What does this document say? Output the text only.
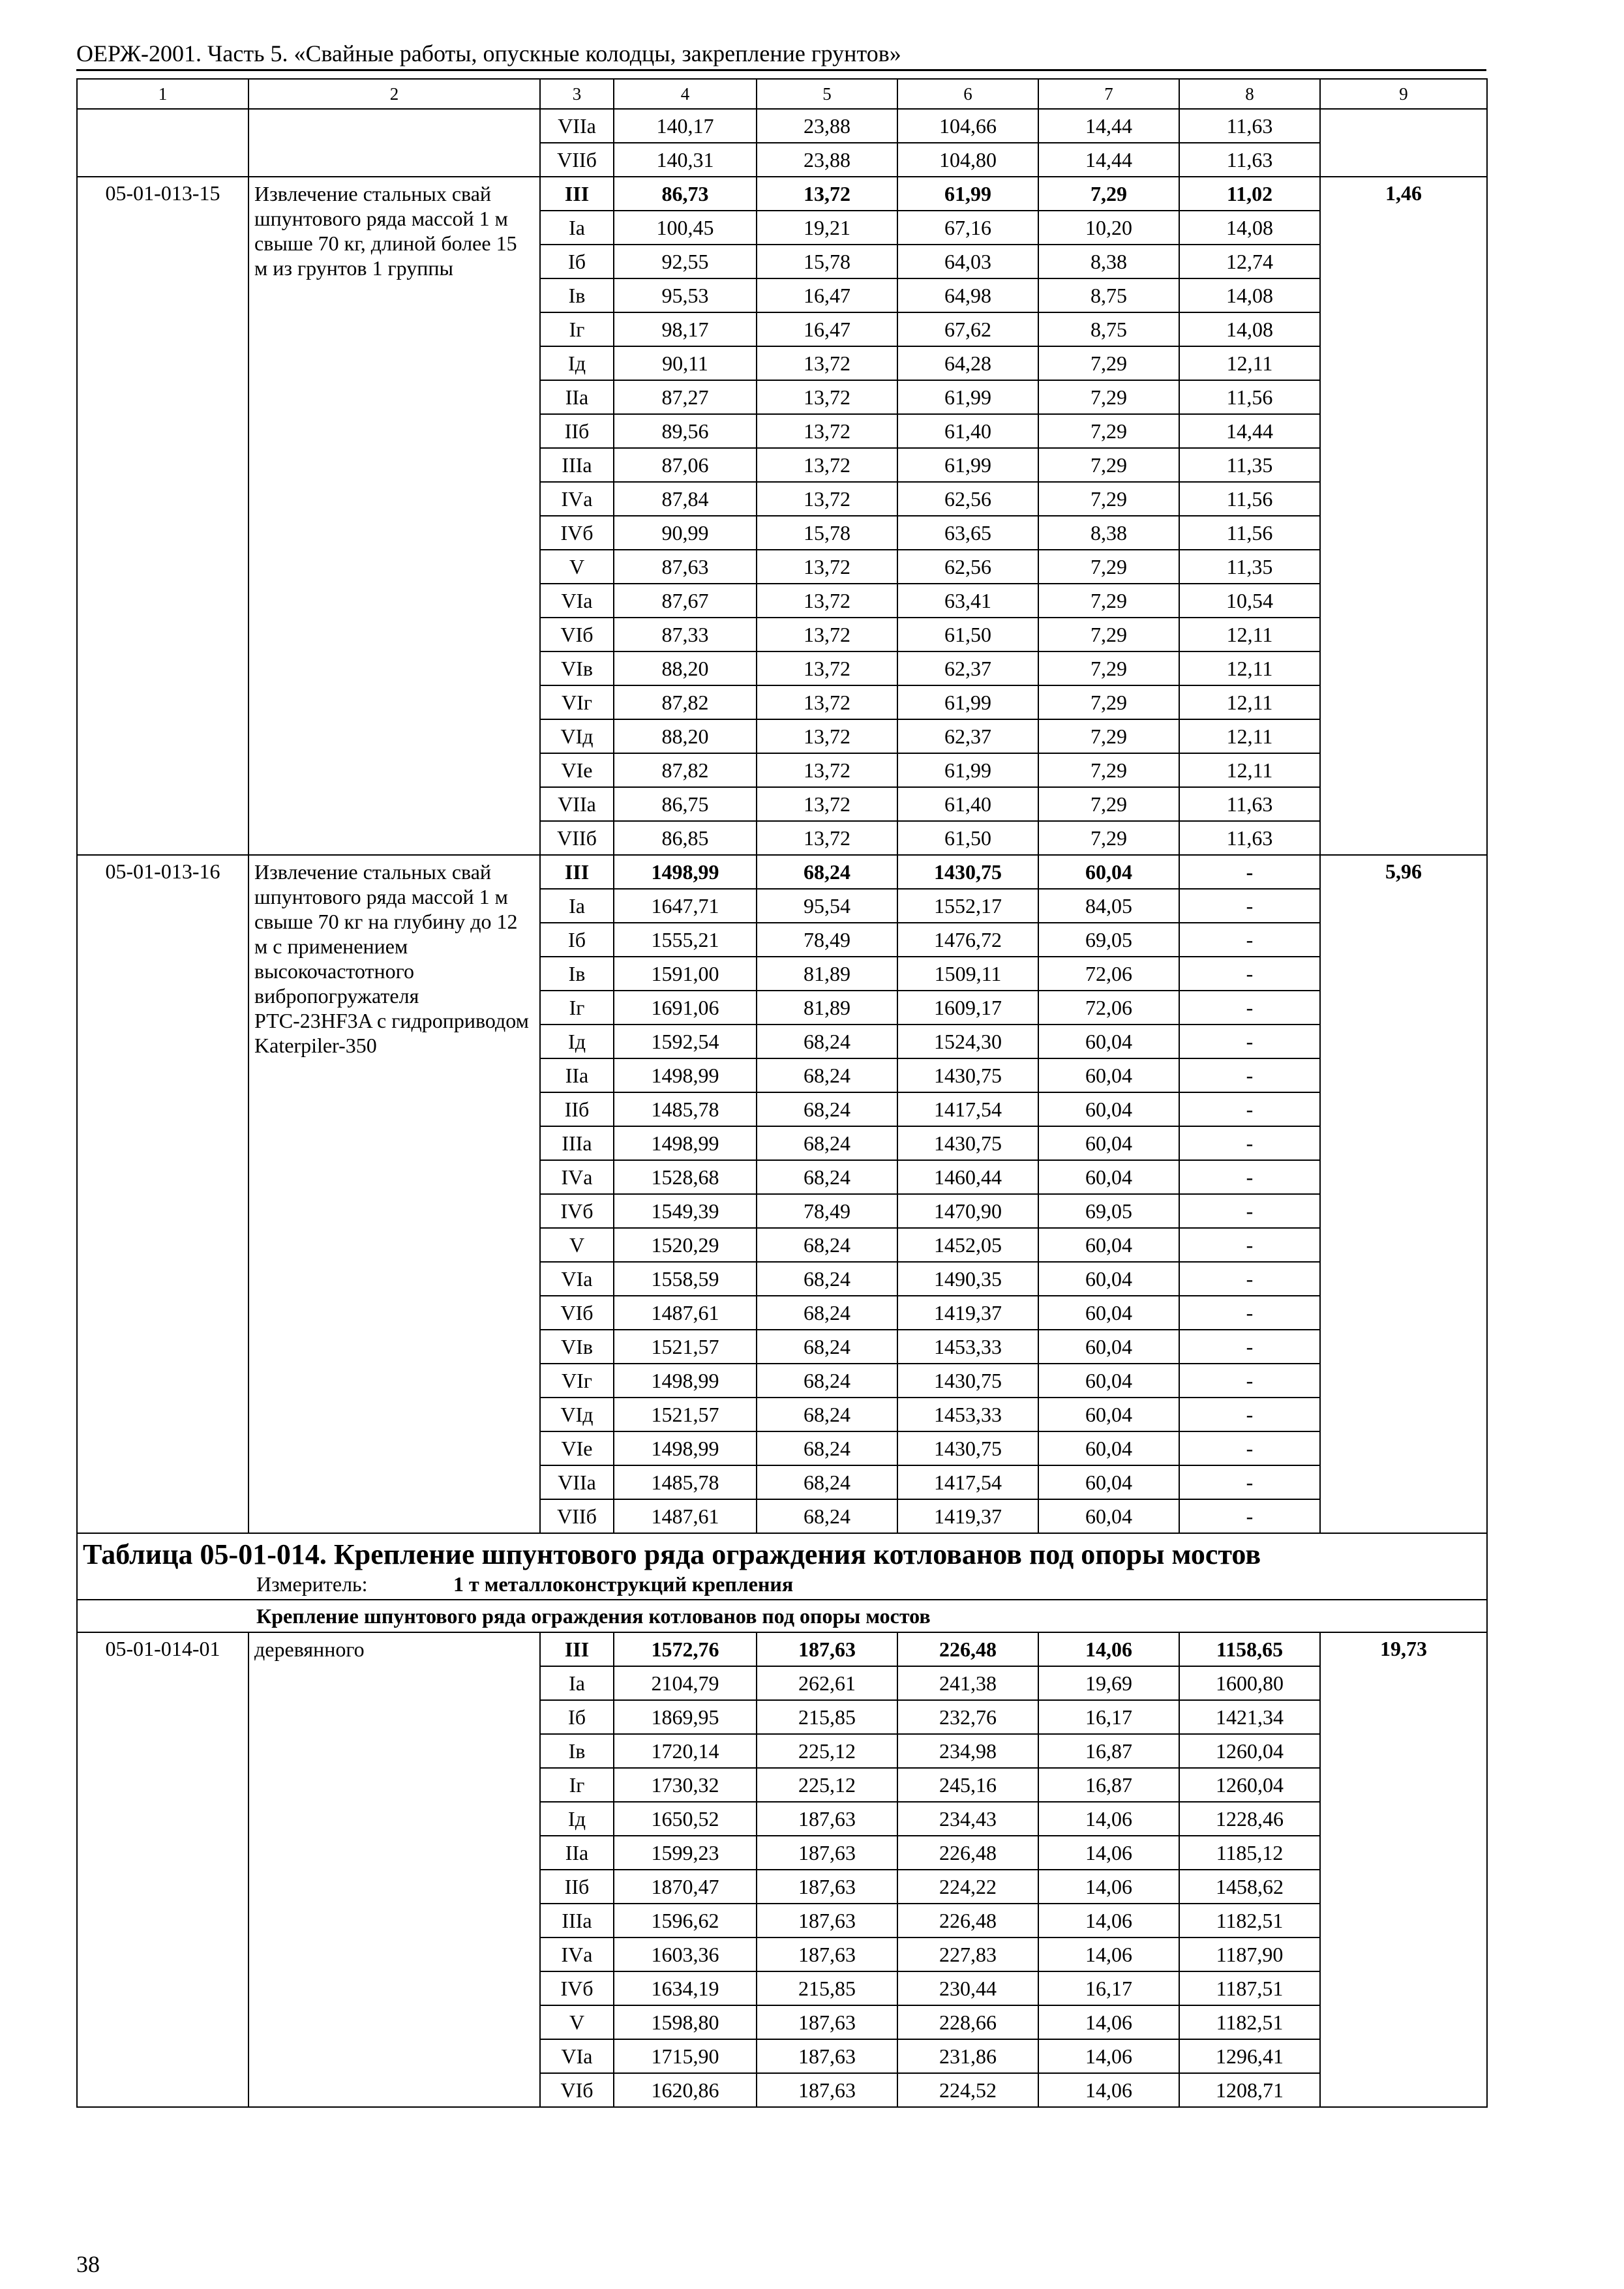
ОЕРЖ-2001. Часть 5. «Свайные работы, опускные колодцы, закрепление грунтов»
1	2	3	4	5	6	7	8	9
		VIIа	140,17	23,88	104,66	14,44	11,63	
		VIIб	140,31	23,88	104,80	14,44	11,63	
05-01-013-15	Извлечение стальных свай шпунтового ряда массой 1 м свыше 70 кг, длиной более 15 м из грунтов 1 группы	III	86,73	13,72	61,99	7,29	11,02	1,46
		Iа	100,45	19,21	67,16	10,20	14,08	
		Iб	92,55	15,78	64,03	8,38	12,74	
		Iв	95,53	16,47	64,98	8,75	14,08	
		Iг	98,17	16,47	67,62	8,75	14,08	
		Iд	90,11	13,72	64,28	7,29	12,11	
		IIа	87,27	13,72	61,99	7,29	11,56	
		IIб	89,56	13,72	61,40	7,29	14,44	
		IIIа	87,06	13,72	61,99	7,29	11,35	
		IVа	87,84	13,72	62,56	7,29	11,56	
		IVб	90,99	15,78	63,65	8,38	11,56	
		V	87,63	13,72	62,56	7,29	11,35	
		VIа	87,67	13,72	63,41	7,29	10,54	
		VIб	87,33	13,72	61,50	7,29	12,11	
		VIв	88,20	13,72	62,37	7,29	12,11	
		VIг	87,82	13,72	61,99	7,29	12,11	
		VIд	88,20	13,72	62,37	7,29	12,11	
		VIе	87,82	13,72	61,99	7,29	12,11	
		VIIа	86,75	13,72	61,40	7,29	11,63	
		VIIб	86,85	13,72	61,50	7,29	11,63	
05-01-013-16	Извлечение стальных свай шпунтового ряда массой 1 м свыше 70 кг на глубину до 12 м с применением высокочастотного вибропогружателя РТС-23HF3A с гидроприводом Katerpiler-350	III	1498,99	68,24	1430,75	60,04	-	5,96
		Iа	1647,71	95,54	1552,17	84,05	-	
		Iб	1555,21	78,49	1476,72	69,05	-	
		Iв	1591,00	81,89	1509,11	72,06	-	
		Iг	1691,06	81,89	1609,17	72,06	-	
		Iд	1592,54	68,24	1524,30	60,04	-	
		IIа	1498,99	68,24	1430,75	60,04	-	
		IIб	1485,78	68,24	1417,54	60,04	-	
		IIIа	1498,99	68,24	1430,75	60,04	-	
		IVа	1528,68	68,24	1460,44	60,04	-	
		IVб	1549,39	78,49	1470,90	69,05	-	
		V	1520,29	68,24	1452,05	60,04	-	
		VIа	1558,59	68,24	1490,35	60,04	-	
		VIб	1487,61	68,24	1419,37	60,04	-	
		VIв	1521,57	68,24	1453,33	60,04	-	
		VIг	1498,99	68,24	1430,75	60,04	-	
		VIд	1521,57	68,24	1453,33	60,04	-	
		VIе	1498,99	68,24	1430,75	60,04	-	
		VIIа	1485,78	68,24	1417,54	60,04	-	
		VIIб	1487,61	68,24	1419,37	60,04	-	

Таблица 05-01-014. Крепление шпунтового ряда ограждения котлованов под опоры мостов
Измеритель: 1 т металлоконструкций крепления								

Крепление шпунтового ряда ограждения котлованов под опоры мостов								
05-01-014-01	деревянного	III	1572,76	187,63	226,48	14,06	1158,65	19,73
		Iа	2104,79	262,61	241,38	19,69	1600,80	
		Iб	1869,95	215,85	232,76	16,17	1421,34	
		Iв	1720,14	225,12	234,98	16,87	1260,04	
		Iг	1730,32	225,12	245,16	16,87	1260,04	
		Iд	1650,52	187,63	234,43	14,06	1228,46	
		IIа	1599,23	187,63	226,48	14,06	1185,12	
		IIб	1870,47	187,63	224,22	14,06	1458,62	
		IIIа	1596,62	187,63	226,48	14,06	1182,51	
		IVа	1603,36	187,63	227,83	14,06	1187,90	
		IVб	1634,19	215,85	230,44	16,17	1187,51	
		V	1598,80	187,63	228,66	14,06	1182,51	
		VIа	1715,90	187,63	231,86	14,06	1296,41	
		VIб	1620,86	187,63	224,52	14,06	1208,71	
38
